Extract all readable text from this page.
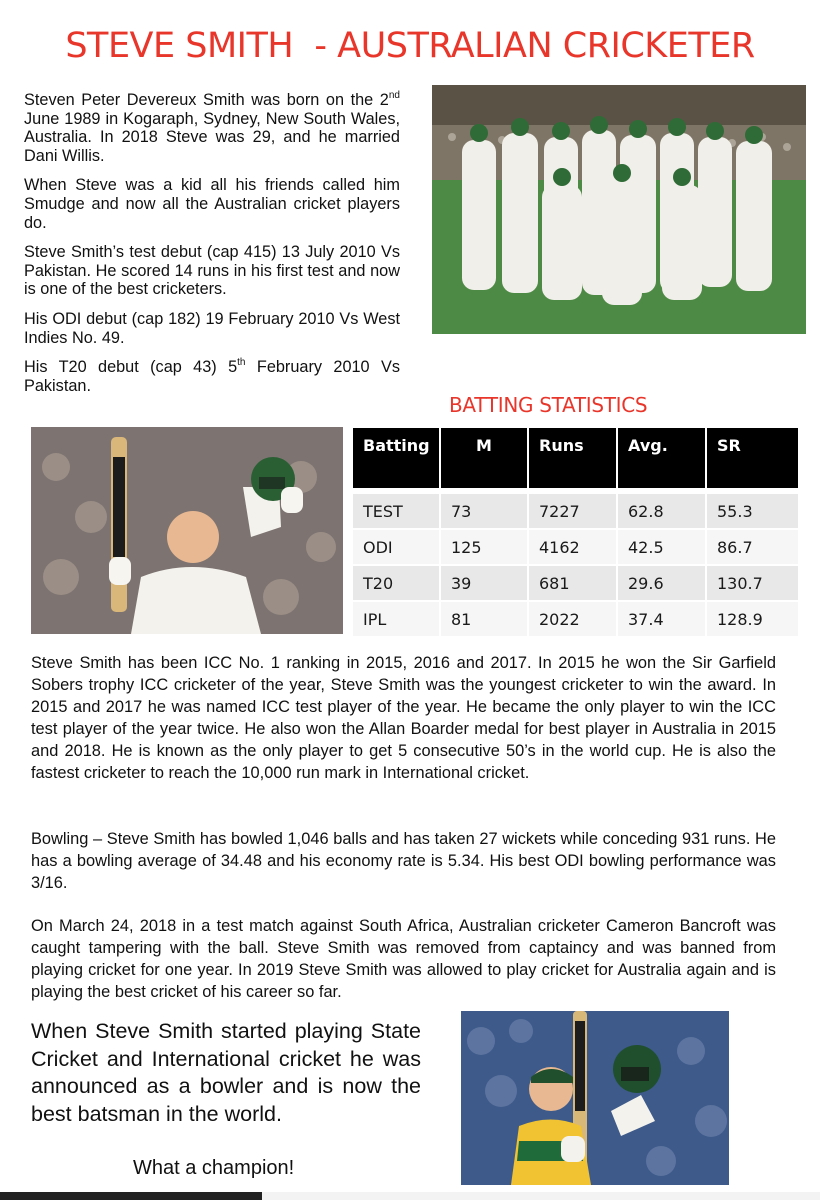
STEVE SMITH  - AUSTRALIAN CRICKETER

Steven Peter Devereux Smith was born on the 2nd June 1989 in Kogaraph, Sydney, New South Wales, Australia. In 2018 Steve was 29, and he married Dani Willis.

When Steve was a kid all his friends called him Smudge and now all the Australian cricket players do.

Steve Smith’s test debut (cap 415) 13 July 2010 Vs Pakistan. He scored 14 runs in his first test and now is one of the best cricketers.

His ODI debut (cap 182) 19 February 2010 Vs West Indies No. 49.

His T20 debut (cap 43) 5th February 2010 Vs Pakistan.

BATTING STATISTICS
Batting	M	Runs	Avg.	SR

TEST	73	7227	62.8	55.3
ODI	125	4162	42.5	86.7
T20	39	681	29.6	130.7
IPL	81	2022	37.4	128.9

Steve Smith has been ICC No. 1 ranking in 2015, 2016 and 2017. In 2015 he won the Sir Garfield Sobers trophy ICC cricketer of the year, Steve Smith was the youngest cricketer to win the award. In 2015 and 2017 he was named ICC test player of the year. He became the only player to win the ICC test player of the year twice. He also won the Allan Boarder medal for best player in Australia in 2015 and 2018. He is known as the only player to get 5 consecutive 50’s in the world cup. He is also the fastest cricketer to reach the 10,000 run mark in International cricket.

Bowling – Steve Smith has bowled 1,046 balls and has taken 27 wickets while conceding 931 runs. He has a bowling average of 34.48 and his economy rate is 5.34. His best ODI bowling performance was 3/16.

On March 24, 2018 in a test match against South Africa, Australian cricketer Cameron Bancroft was caught tampering with the ball. Steve Smith was removed from captaincy and was banned from playing cricket for one year. In 2019 Steve Smith was allowed to play cricket for Australia again and is playing the best cricket of his career so far.

When Steve Smith started playing State Cricket and International cricket he was announced as a bowler and is now the best batsman in the world.

What a champion!
